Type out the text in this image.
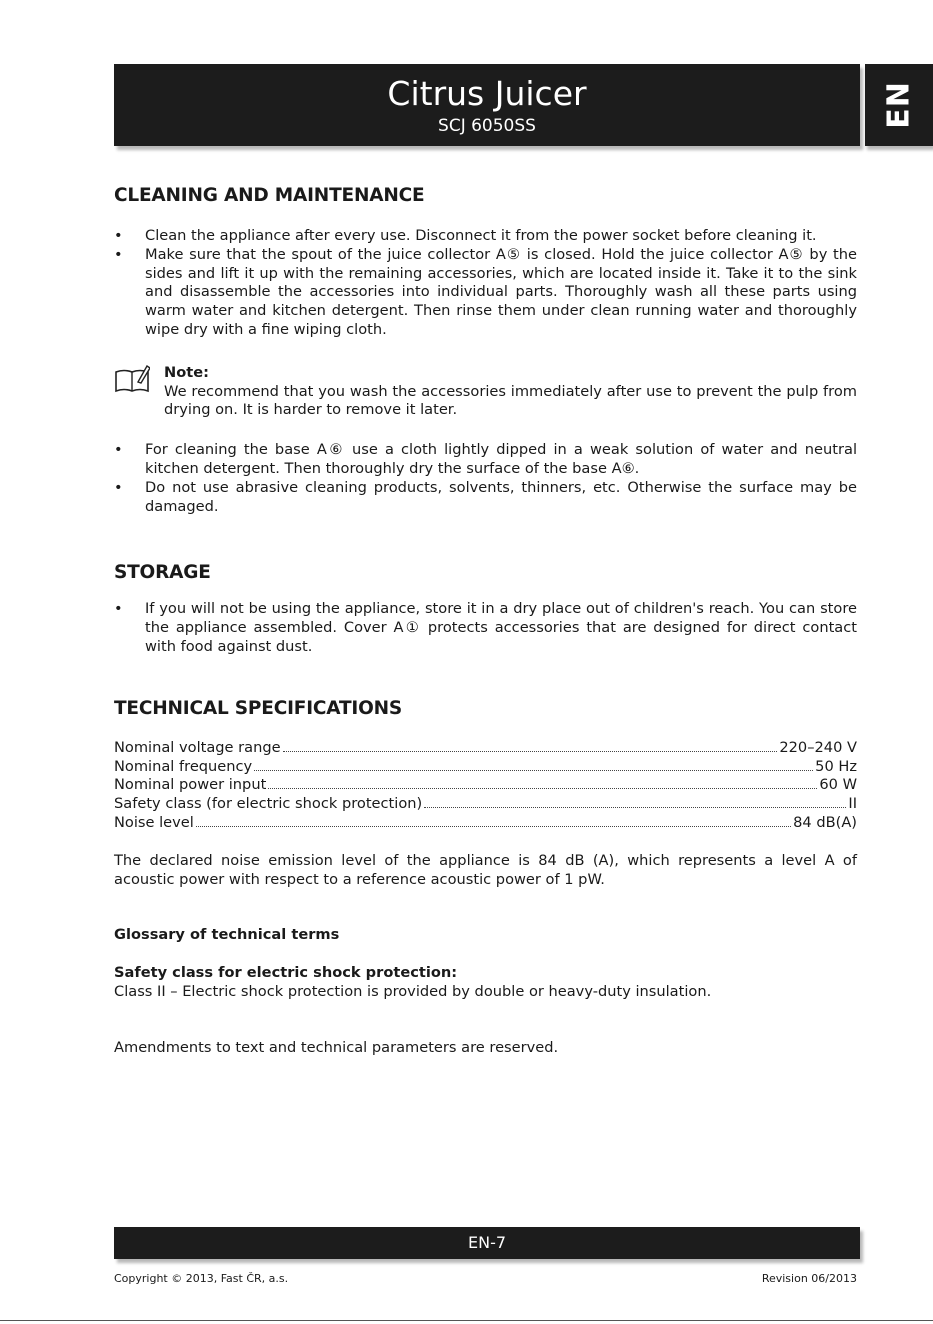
Citrus Juicer
SCJ 6050SS	EN
CLEANING AND MAINTENANCE
• Clean the appliance after every use. Disconnect it from the power socket before cleaning it.
• Make sure that the spout of the juice collector A⑤ is closed. Hold the juice collector A⑤ by the sides and lift it up with the remaining accessories, which are located inside it. Take it to the sink and disassemble the accessories into individual parts. Thoroughly wash all these parts using warm water and kitchen detergent. Then rinse them under clean running water and thoroughly wipe dry with a fine wiping cloth.
Note:
We recommend that you wash the accessories immediately after use to prevent the pulp from drying on. It is harder to remove it later.
• For cleaning the base A⑥ use a cloth lightly dipped in a weak solution of water and neutral kitchen detergent. Then thoroughly dry the surface of the base A⑥.
• Do not use abrasive cleaning products, solvents, thinners, etc. Otherwise the surface may be damaged.
STORAGE
• If you will not be using the appliance, store it in a dry place out of children's reach. You can store the appliance assembled. Cover A① protects accessories that are designed for direct contact with food against dust.
TECHNICAL SPECIFICATIONS
Nominal voltage range	220–240 V
Nominal frequency	50 Hz
Nominal power input	60 W
Safety class (for electric shock protection)	II
Noise level	84 dB(A)

The declared noise emission level of the appliance is 84 dB (A), which represents a level A of acoustic power with respect to a reference acoustic power of 1 pW.

Glossary of technical terms

Safety class for electric shock protection:

Class II – Electric shock protection is provided by double or heavy-duty insulation.

Amendments to text and technical parameters are reserved.

EN-7
Copyright © 2013, Fast ČR, a.s.	Revision 06/2013
